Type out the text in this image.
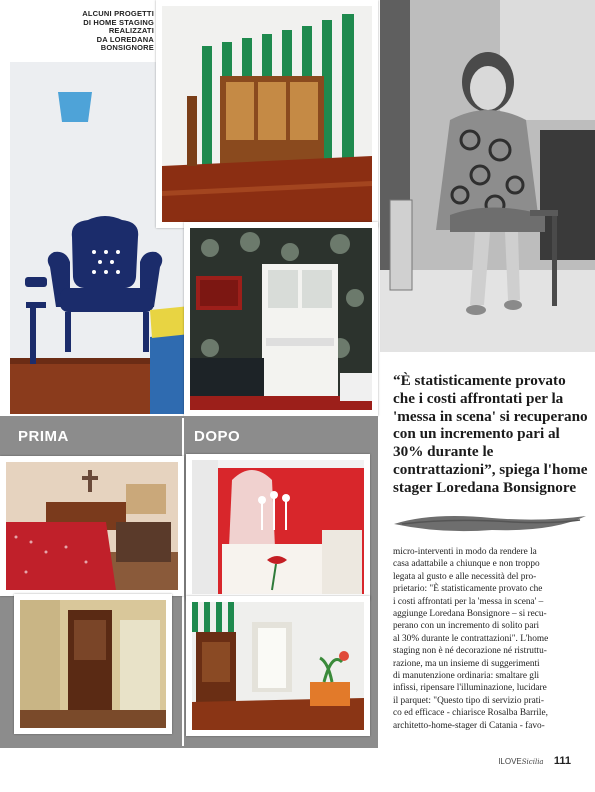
ALCUNI PROGETTI
DI HOME STAGING
REALIZZATI
DA LOREDANA
BONSIGNORE
PRIMA	DOPO
“È statisticamente provato che i costi affrontati per la 'messa in scena' si recuperano con un incremento pari al 30% durante le contrattazioni”, spiega l'home stager Loredana Bonsignore
micro-interventi in modo da rendere la
casa adattabile a chiunque e non troppo
legata al gusto e alle necessità del pro-
prietario: "È statisticamente provato che
i costi affrontati per la 'messa in scena' –
aggiunge Loredana Bonsignore – si recu-
perano con un incremento di solito pari
al 30% durante le contrattazioni". L'home
staging non è né decorazione né ristruttu-
razione, ma un insieme di suggerimenti
di manutenzione ordinaria: smaltare gli
infissi, ripensare l'illuminazione, lucidare
il parquet: "Questo tipo di servizio prati-
co ed efficace - chiarisce Rosalba Barrile,
architetto-home-stager di Catania - favo-
ILOVESicilia 111
